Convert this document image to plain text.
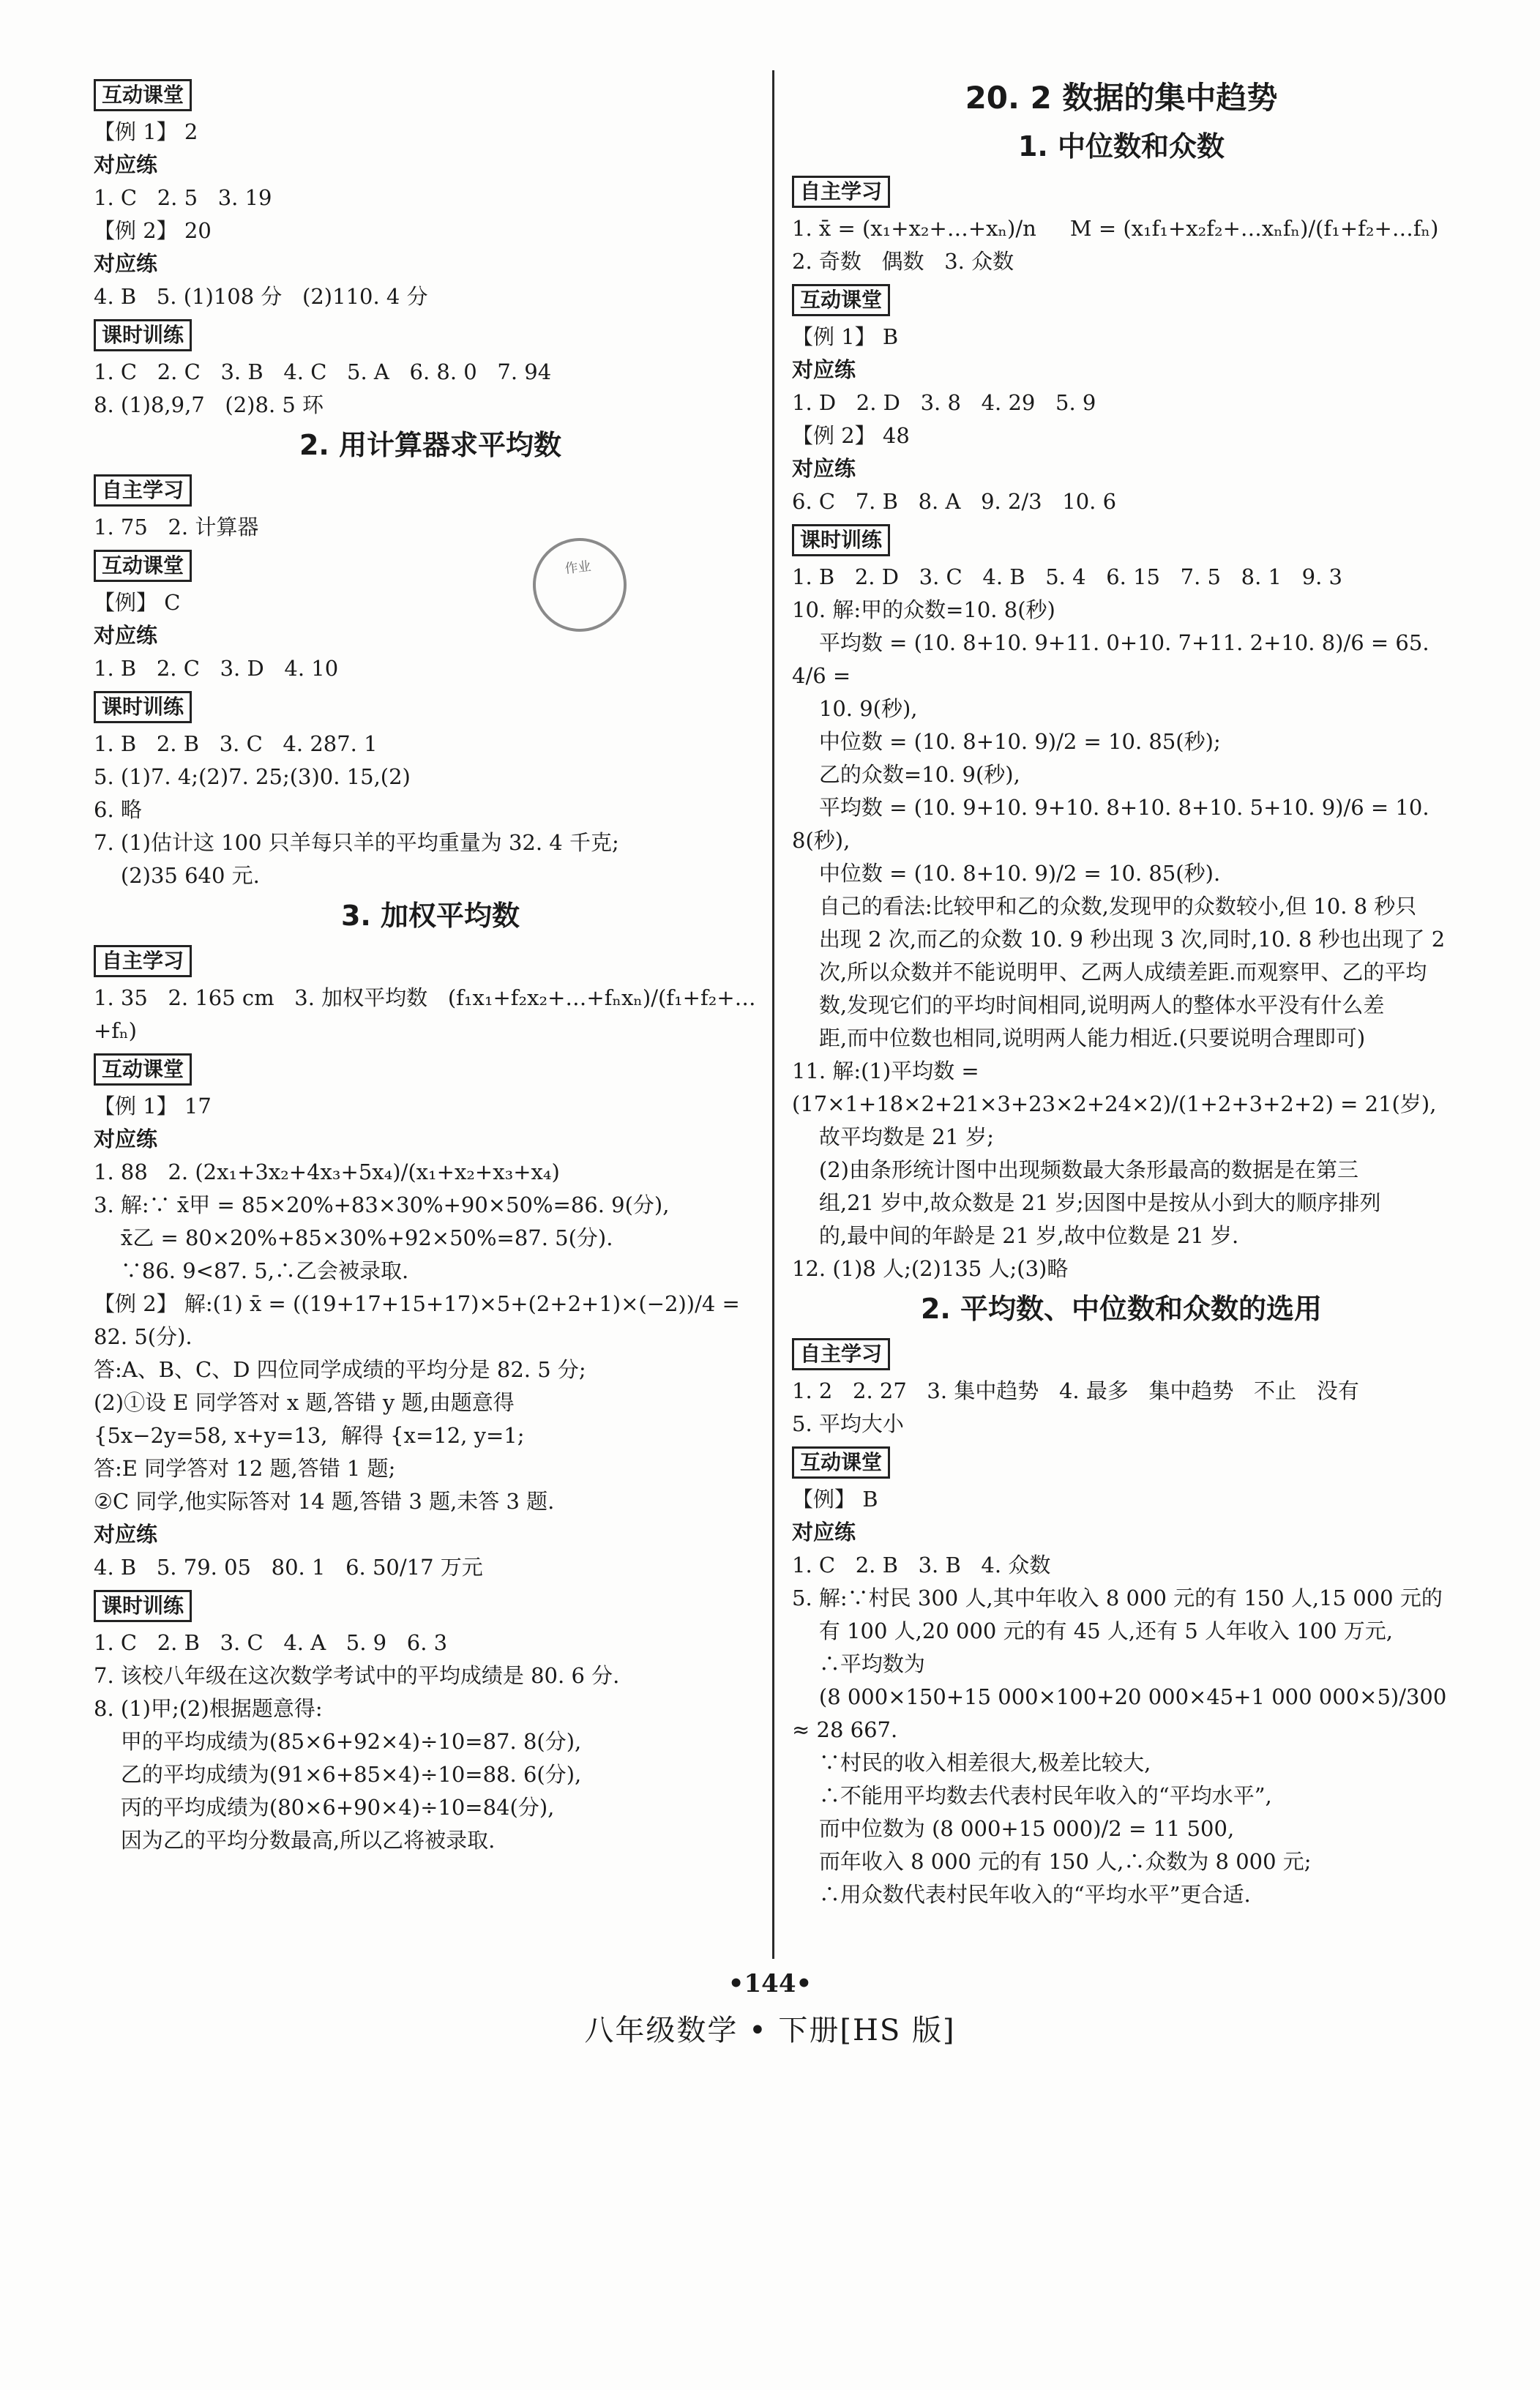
互动课堂
【例 1】 2
对应练
1. C   2. 5   3. 19
【例 2】 20
对应练
4. B   5. (1)108 分   (2)110. 4 分
课时训练
1. C   2. C   3. B   4. C   5. A   6. 8. 0   7. 94
8. (1)8,9,7   (2)8. 5 环
2. 用计算器求平均数
自主学习
1. 75   2. 计算器
互动课堂
【例】 C
对应练
1. B   2. C   3. D   4. 10
课时训练
1. B   2. B   3. C   4. 287. 1
5. (1)7. 4;(2)7. 25;(3)0. 15,(2)
6. 略
7. (1)估计这 100 只羊每只羊的平均重量为 32. 4 千克;
(2)35 640 元.
3. 加权平均数
自主学习
1. 35   2. 165 cm   3. 加权平均数   (f₁x₁+f₂x₂+…+fₙxₙ)/(f₁+f₂+…+fₙ)
互动课堂
【例 1】 17
对应练
1. 88   2. (2x₁+3x₂+4x₃+5x₄)/(x₁+x₂+x₃+x₄)
3. 解:∵ x̄甲 = 85×20%+83×30%+90×50%=86. 9(分),
x̄乙 = 80×20%+85×30%+92×50%=87. 5(分).
∵86. 9<87. 5,∴乙会被录取.
【例 2】 解:(1) x̄ = ((19+17+15+17)×5+(2+2+1)×(−2))/4 =
82. 5(分).
答:A、B、C、D 四位同学成绩的平均分是 82. 5 分;
(2)①设 E 同学答对 x 题,答错 y 题,由题意得
{5x−2y=58, x+y=13,  解得 {x=12, y=1;
答:E 同学答对 12 题,答错 1 题;
②C 同学,他实际答对 14 题,答错 3 题,未答 3 题.
对应练
4. B   5. 79. 05   80. 1   6. 50/17 万元
课时训练
1. C   2. B   3. C   4. A   5. 9   6. 3
7. 该校八年级在这次数学考试中的平均成绩是 80. 6 分.
8. (1)甲;(2)根据题意得:
甲的平均成绩为(85×6+92×4)÷10=87. 8(分),
乙的平均成绩为(91×6+85×4)÷10=88. 6(分),
丙的平均成绩为(80×6+90×4)÷10=84(分),
因为乙的平均分数最高,所以乙将被录取.
作业
20. 2 数据的集中趋势
1. 中位数和众数
自主学习
1. x̄ = (x₁+x₂+…+xₙ)/n     M = (x₁f₁+x₂f₂+…xₙfₙ)/(f₁+f₂+…fₙ)
2. 奇数   偶数   3. 众数
互动课堂
【例 1】 B
对应练
1. D   2. D   3. 8   4. 29   5. 9
【例 2】 48
对应练
6. C   7. B   8. A   9. 2/3   10. 6
课时训练
1. B   2. D   3. C   4. B   5. 4   6. 15   7. 5   8. 1   9. 3
10. 解:甲的众数=10. 8(秒)
平均数 = (10. 8+10. 9+11. 0+10. 7+11. 2+10. 8)/6 = 65. 4/6 =
10. 9(秒),
中位数 = (10. 8+10. 9)/2 = 10. 85(秒);
乙的众数=10. 9(秒),
平均数 = (10. 9+10. 9+10. 8+10. 8+10. 5+10. 9)/6 = 10. 8(秒),
中位数 = (10. 8+10. 9)/2 = 10. 85(秒).
自己的看法:比较甲和乙的众数,发现甲的众数较小,但 10. 8 秒只
出现 2 次,而乙的众数 10. 9 秒出现 3 次,同时,10. 8 秒也出现了 2
次,所以众数并不能说明甲、乙两人成绩差距.而观察甲、乙的平均
数,发现它们的平均时间相同,说明两人的整体水平没有什么差
距,而中位数也相同,说明两人能力相近.(只要说明合理即可)
11. 解:(1)平均数 = (17×1+18×2+21×3+23×2+24×2)/(1+2+3+2+2) = 21(岁),
故平均数是 21 岁;
(2)由条形统计图中出现频数最大条形最高的数据是在第三
组,21 岁中,故众数是 21 岁;因图中是按从小到大的顺序排列
的,最中间的年龄是 21 岁,故中位数是 21 岁.
12. (1)8 人;(2)135 人;(3)略
2. 平均数、中位数和众数的选用
自主学习
1. 2   2. 27   3. 集中趋势   4. 最多   集中趋势   不止   没有
5. 平均大小
互动课堂
【例】 B
对应练
1. C   2. B   3. B   4. 众数
5. 解:∵村民 300 人,其中年收入 8 000 元的有 150 人,15 000 元的
有 100 人,20 000 元的有 45 人,还有 5 人年收入 100 万元,
∴平均数为
(8 000×150+15 000×100+20 000×45+1 000 000×5)/300 ≈ 28 667.
∵村民的收入相差很大,极差比较大,
∴不能用平均数去代表村民年收入的“平均水平”,
而中位数为 (8 000+15 000)/2 = 11 500,
而年收入 8 000 元的有 150 人,∴众数为 8 000 元;
∴用众数代表村民年收入的“平均水平”更合适.
•144•
八年级数学 • 下册[HS 版]
